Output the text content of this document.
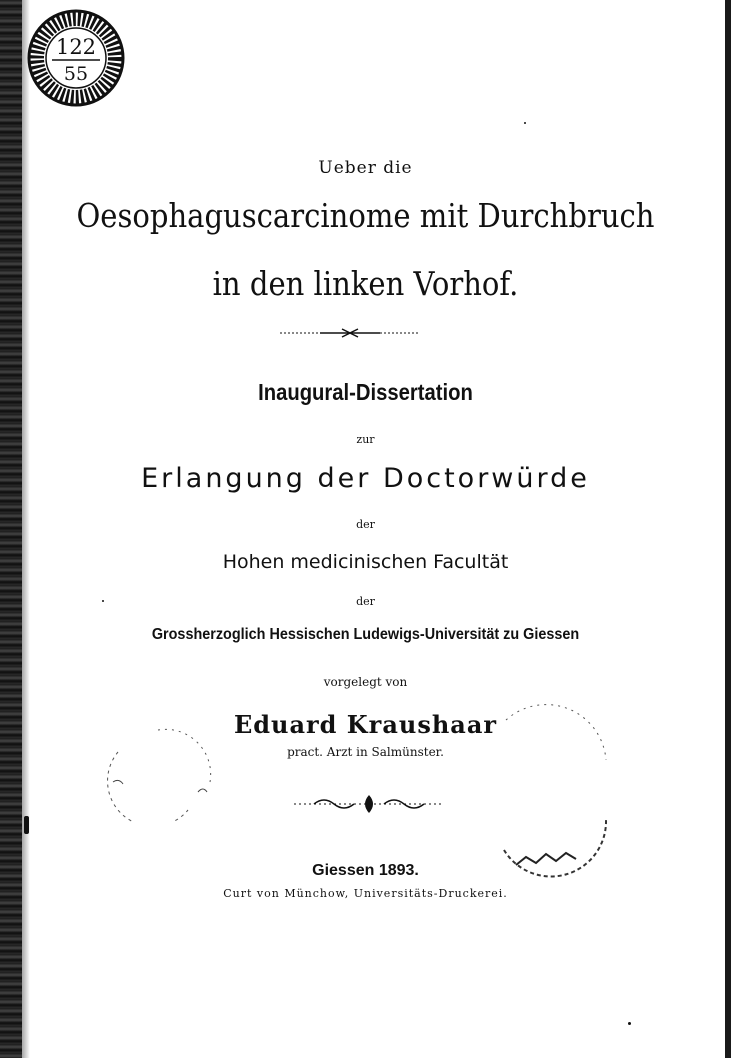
122
55
Ueber die
Oesophaguscarcinome mit Durchbruch
in den linken Vorhof.
Inaugural-Dissertation
zur
Erlangung der Doctorwürde
der
Hohen medicinischen Facultät
der
Grossherzoglich Hessischen Ludewigs-Universität zu Giessen
vorgelegt von
Eduard Kraushaar
pract. Arzt in Salmünster.
Giessen 1893.
Curt von Münchow, Universitäts-Druckerei.
